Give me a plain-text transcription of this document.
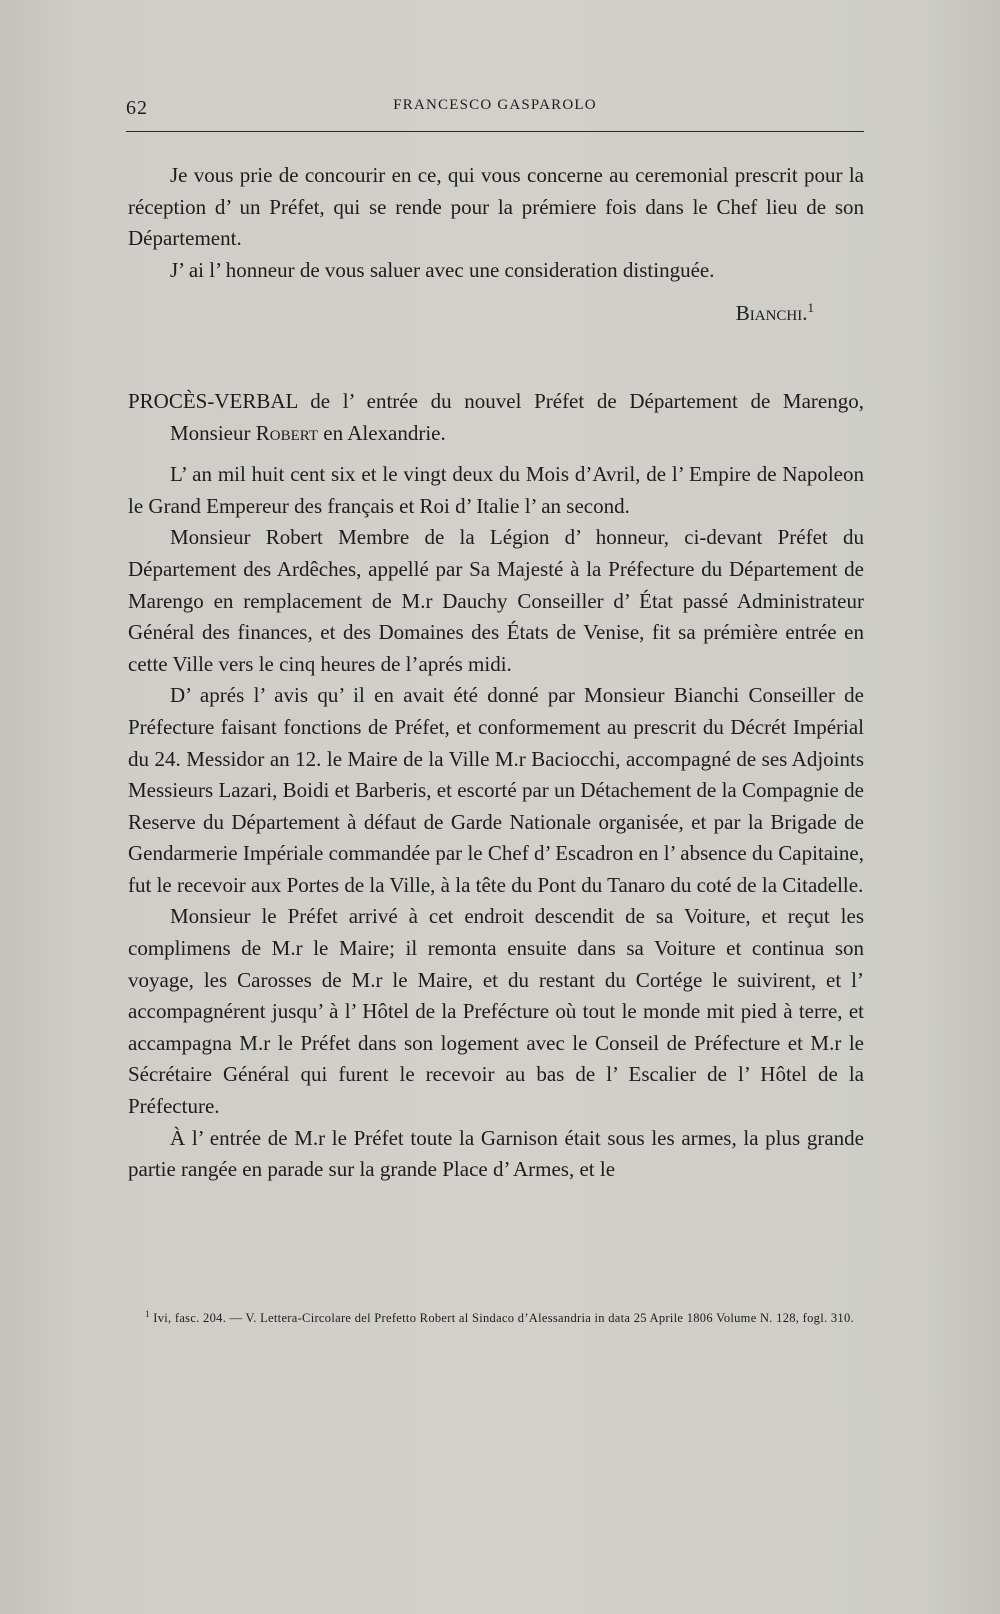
62	FRANCESCO GASPAROLO

Je vous prie de concourir en ce, qui vous concerne au ceremonial prescrit pour la réception d’ un Préfet, qui se rende pour la prémiere fois dans le Chef lieu de son Département.

J’ ai l’ honneur de vous saluer avec une consideration distinguée.

Bianchi.$^1$
PROCÈS-VERBAL de l’ entrée du nouvel Préfet de Département de Marengo, Monsieur Robert en Alexandrie.

L’ an mil huit cent six et le vingt deux du Mois d’Avril, de l’ Empire de Napoleon le Grand Empereur des français et Roi d’ Italie l’ an second.

Monsieur Robert Membre de la Légion d’ honneur, ci-devant Préfet du Département des Ardêches, appellé par Sa Majesté à la Préfecture du Département de Marengo en remplacement de M.r Dauchy Conseiller d’ État passé Administrateur Général des finances, et des Domaines des États de Venise, fit sa prémière entrée en cette Ville vers le cinq heures de l’aprés midi.

D’ aprés l’ avis qu’ il en avait été donné par Monsieur Bianchi Conseiller de Préfecture faisant fonctions de Préfet, et conformement au prescrit du Décrét Impérial du 24. Messidor an 12. le Maire de la Ville M.r Baciocchi, accompagné de ses Adjoints Messieurs Lazari, Boidi et Barberis, et escorté par un Détachement de la Compagnie de Reserve du Département à défaut de Garde Nationale organisée, et par la Brigade de Gendarmerie Impériale commandée par le Chef d’ Escadron en l’ absence du Capitaine, fut le recevoir aux Portes de la Ville, à la tête du Pont du Tanaro du coté de la Citadelle.

Monsieur le Préfet arrivé à cet endroit descendit de sa Voiture, et reçut les complimens de M.r le Maire; il remonta ensuite dans sa Voiture et continua son voyage, les Carosses de M.r le Maire, et du restant du Cortége le suivirent, et l’ accompagnérent jusqu’ à l’ Hôtel de la Prefécture où tout le monde mit pied à terre, et accampagna M.r le Préfet dans son logement avec le Conseil de Préfecture et M.r le Sécrétaire Général qui furent le recevoir au bas de l’ Escalier de l’ Hôtel de la Préfecture.

À l’ entrée de M.r le Préfet toute la Garnison était sous les armes, la plus grande partie rangée en parade sur la grande Place d’ Armes, et le

$^1$ Ivi, fasc. 204. — V. Lettera-Circolare del Prefetto Robert al Sindaco d’Alessandria in data 25 Aprile 1806 Volume N. 128, fogl. 310.
